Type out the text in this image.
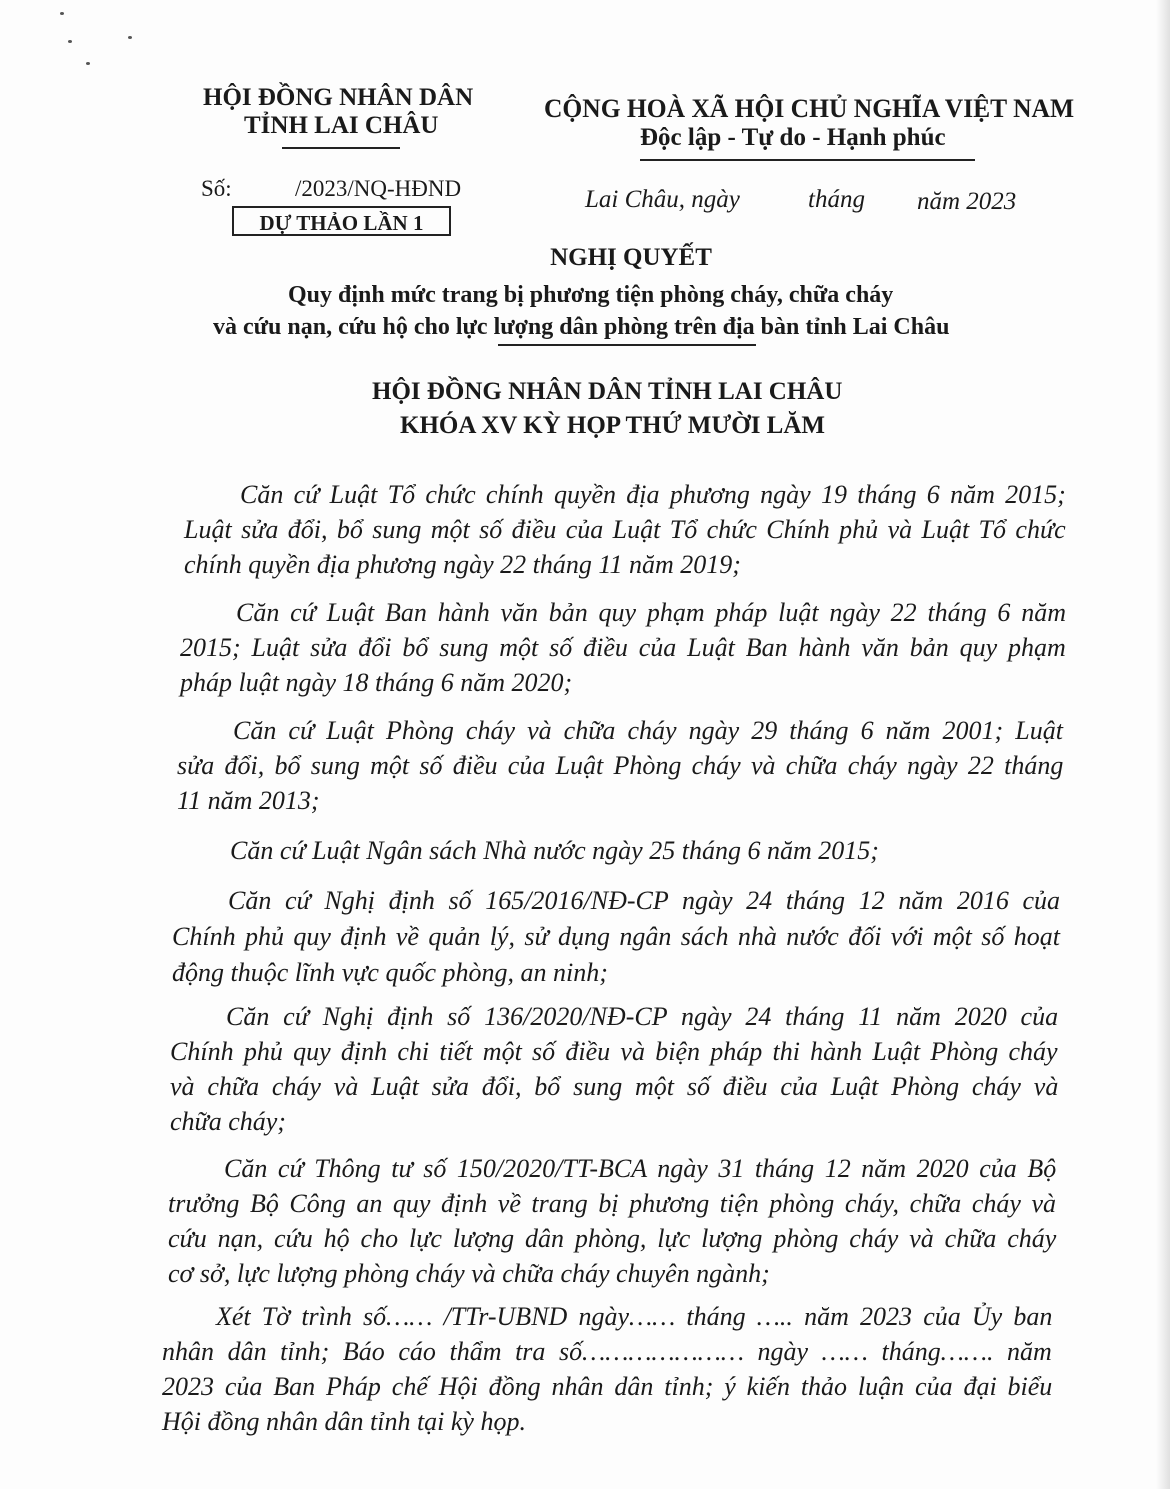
HỘI ĐỒNG NHÂN DÂN
TỈNH LAI CHÂU
CỘNG HOÀ XÃ HỘI CHỦ NGHĨA VIỆT NAM
Độc lập - Tự do - Hạnh phúc
Số:	/2023/NQ-HĐND
DỰ THẢO LẦN 1
Lai Châu, ngày	tháng năm 2023
NGHỊ QUYẾT
Quy định mức trang bị phương tiện phòng cháy, chữa cháy
và cứu nạn, cứu hộ cho lực lượng dân phòng trên địa bàn tỉnh Lai Châu
HỘI ĐỒNG NHÂN DÂN TỈNH LAI CHÂU
KHÓA XV KỲ HỌP THỨ MƯỜI LĂM
Căn cứ Luật Tổ chức chính quyền địa phương ngày 19 tháng 6 năm 2015;
Luật sửa đổi, bổ sung một số điều của Luật Tổ chức Chính phủ và Luật Tổ chức
chính quyền địa phương ngày 22 tháng 11 năm 2019;
Căn cứ Luật Ban hành văn bản quy phạm pháp luật ngày 22 tháng 6 năm
2015; Luật sửa đổi bổ sung một số điều của Luật Ban hành văn bản quy phạm
pháp luật ngày 18 tháng 6 năm 2020;
Căn cứ Luật Phòng cháy và chữa cháy ngày 29 tháng 6 năm 2001; Luật
sửa đổi, bổ sung một số điều của Luật Phòng cháy và chữa cháy ngày 22 tháng
11 năm 2013;
Căn cứ Luật Ngân sách Nhà nước ngày 25 tháng 6 năm 2015;
Căn cứ Nghị định số 165/2016/NĐ-CP ngày 24 tháng 12 năm 2016 của
Chính phủ quy định về quản lý, sử dụng ngân sách nhà nước đối với một số hoạt
động thuộc lĩnh vực quốc phòng, an ninh;
Căn cứ Nghị định số 136/2020/NĐ-CP ngày 24 tháng 11 năm 2020 của
Chính phủ quy định chi tiết một số điều và biện pháp thi hành Luật Phòng cháy
và chữa cháy và Luật sửa đổi, bổ sung một số điều của Luật Phòng cháy và
chữa cháy;
Căn cứ Thông tư số 150/2020/TT-BCA ngày 31 tháng 12 năm 2020 của Bộ
trưởng Bộ Công an quy định về trang bị phương tiện phòng cháy, chữa cháy và
cứu nạn, cứu hộ cho lực lượng dân phòng, lực lượng phòng cháy và chữa cháy
cơ sở, lực lượng phòng cháy và chữa cháy chuyên ngành;
Xét Tờ trình số…… /TTr-UBND ngày…… tháng ….. năm 2023 của Ủy ban
nhân dân tỉnh; Báo cáo thẩm tra số………………… ngày …… tháng……. năm
2023 của Ban Pháp chế Hội đồng nhân dân tỉnh; ý kiến thảo luận của đại biểu
Hội đồng nhân dân tỉnh tại kỳ họp.
